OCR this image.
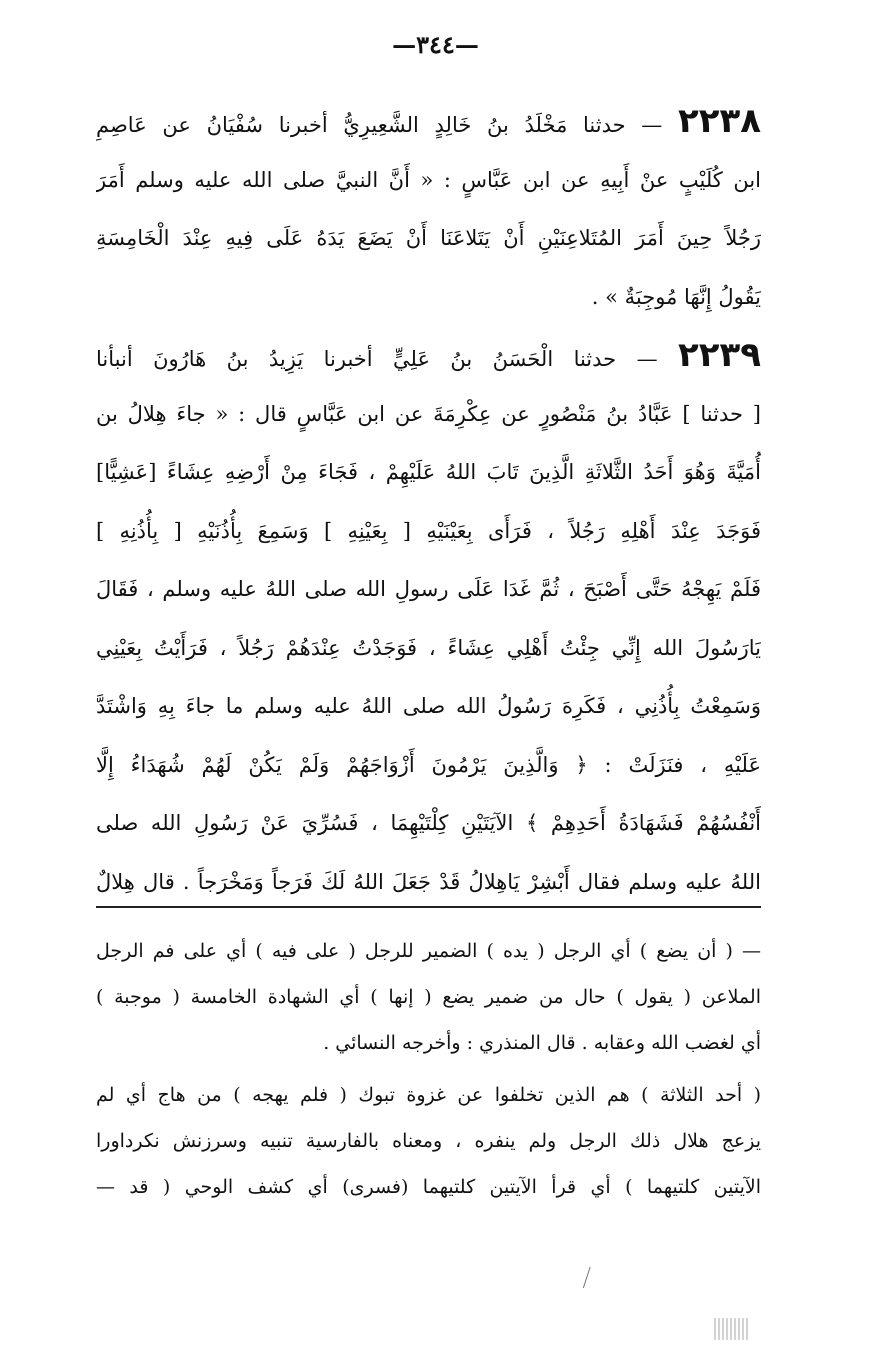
—٣٤٤—
٢٢٣٨ — حدثنا مَخْلَدُ بنُ خَالِدٍ الشَّعِيرِيُّ أخبرنا سُفْيَانُ عن عَاصِمِ
ابن كُلَيْبٍ عنْ أَبِيهِ عن ابن عَبَّاسٍ : « أَنَّ النبيَّ صلى الله عليه وسلم أَمَرَ
رَجُلاً حِينَ أَمَرَ المُتَلاعِنَيْنِ أَنْ يَتَلاعَنَا أَنْ يَضَعَ يَدَهُ عَلَى فِيهِ عِنْدَ الْخَامِسَةِ
يَقُولُ إِنَّهَا مُوجِبَةٌ » .
٢٢٣٩ — حدثنا الْحَسَنُ بنُ عَلِيٍّ أخبرنا يَزِيدُ بنُ هَارُونَ أنبأنا
[ حدثنا ] عَبَّادُ بنُ مَنْصُورٍ عن عِكْرِمَةَ عن ابن عَبَّاسٍ قال : « جاءَ هِلالُ بن
أُمَيَّةَ وَهُوَ أَحَدُ الثَّلاثَةِ الَّذِينَ تَابَ اللهُ عَلَيْهِمْ ، فَجَاءَ مِنْ أَرْضِهِ عِشَاءً [عَشِيًّا]
فَوَجَدَ عِنْدَ أَهْلِهِ رَجُلاً ، فَرَأَى بِعَيْنَيْهِ [ بِعَيْنِهِ ] وَسَمِعَ بِأُذُنَيْهِ [ بِأُذُنِهِ ]
فَلَمْ يَهِجْهُ حَتَّى أَصْبَحَ ، ثُمَّ غَدَا عَلَى رسولِ الله صلى اللهُ عليه وسلم ، فَقَالَ
يَارَسُولَ الله إِنِّي جِئْتُ أَهْلِي عِشَاءً ، فَوَجَدْتُ عِنْدَهُمْ رَجُلاً ، فَرَأَيْتُ بِعَيْنِي
وَسَمِعْتُ بِأُذُنِي ، فَكَرِهَ رَسُولُ الله صلى اللهُ عليه وسلم ما جاءَ بِهِ وَاشْتَدَّ
عَلَيْهِ ، فنَزَلَتْ : ﴿ وَالَّذِينَ يَرْمُونَ أَزْوَاجَهُمْ وَلَمْ يَكُنْ لَهُمْ شُهَدَاءُ إِلَّا
أَنْفُسُهُمْ فَشَهَادَةُ أَحَدِهِمْ ﴾ الآيَتَيْنِ كِلْتَيْهِمَا ، فَسُرِّيَ عَنْ رَسُولِ الله صلى
اللهُ عليه وسلم فقال أَبْشِرْ يَاهِلالُ قَدْ جَعَلَ اللهُ لَكَ فَرَجاً وَمَخْرَجاً . قال هِلالٌ
— ( أن يضع ) أي الرجل ( يده ) الضمير للرجل ( على فيه ) أي على فم الرجل
الملاعن ( يقول ) حال من ضمير يضع ( إنها ) أي الشهادة الخامسة ( موجبة )
أي لغضب الله وعقابه . قال المنذري : وأخرجه النسائي .
( أحد الثلاثة ) هم الذين تخلفوا عن غزوة تبوك ( فلم يهجه ) من هاج أي لم
يزعج هلال ذلك الرجل ولم ينفره ، ومعناه بالفارسية تنبيه وسرزنش نكرداورا
الآيتين كلتيهما ) أي قرأ الآيتين كلتيهما (فسرى) أي كشف الوحي ( قد —
